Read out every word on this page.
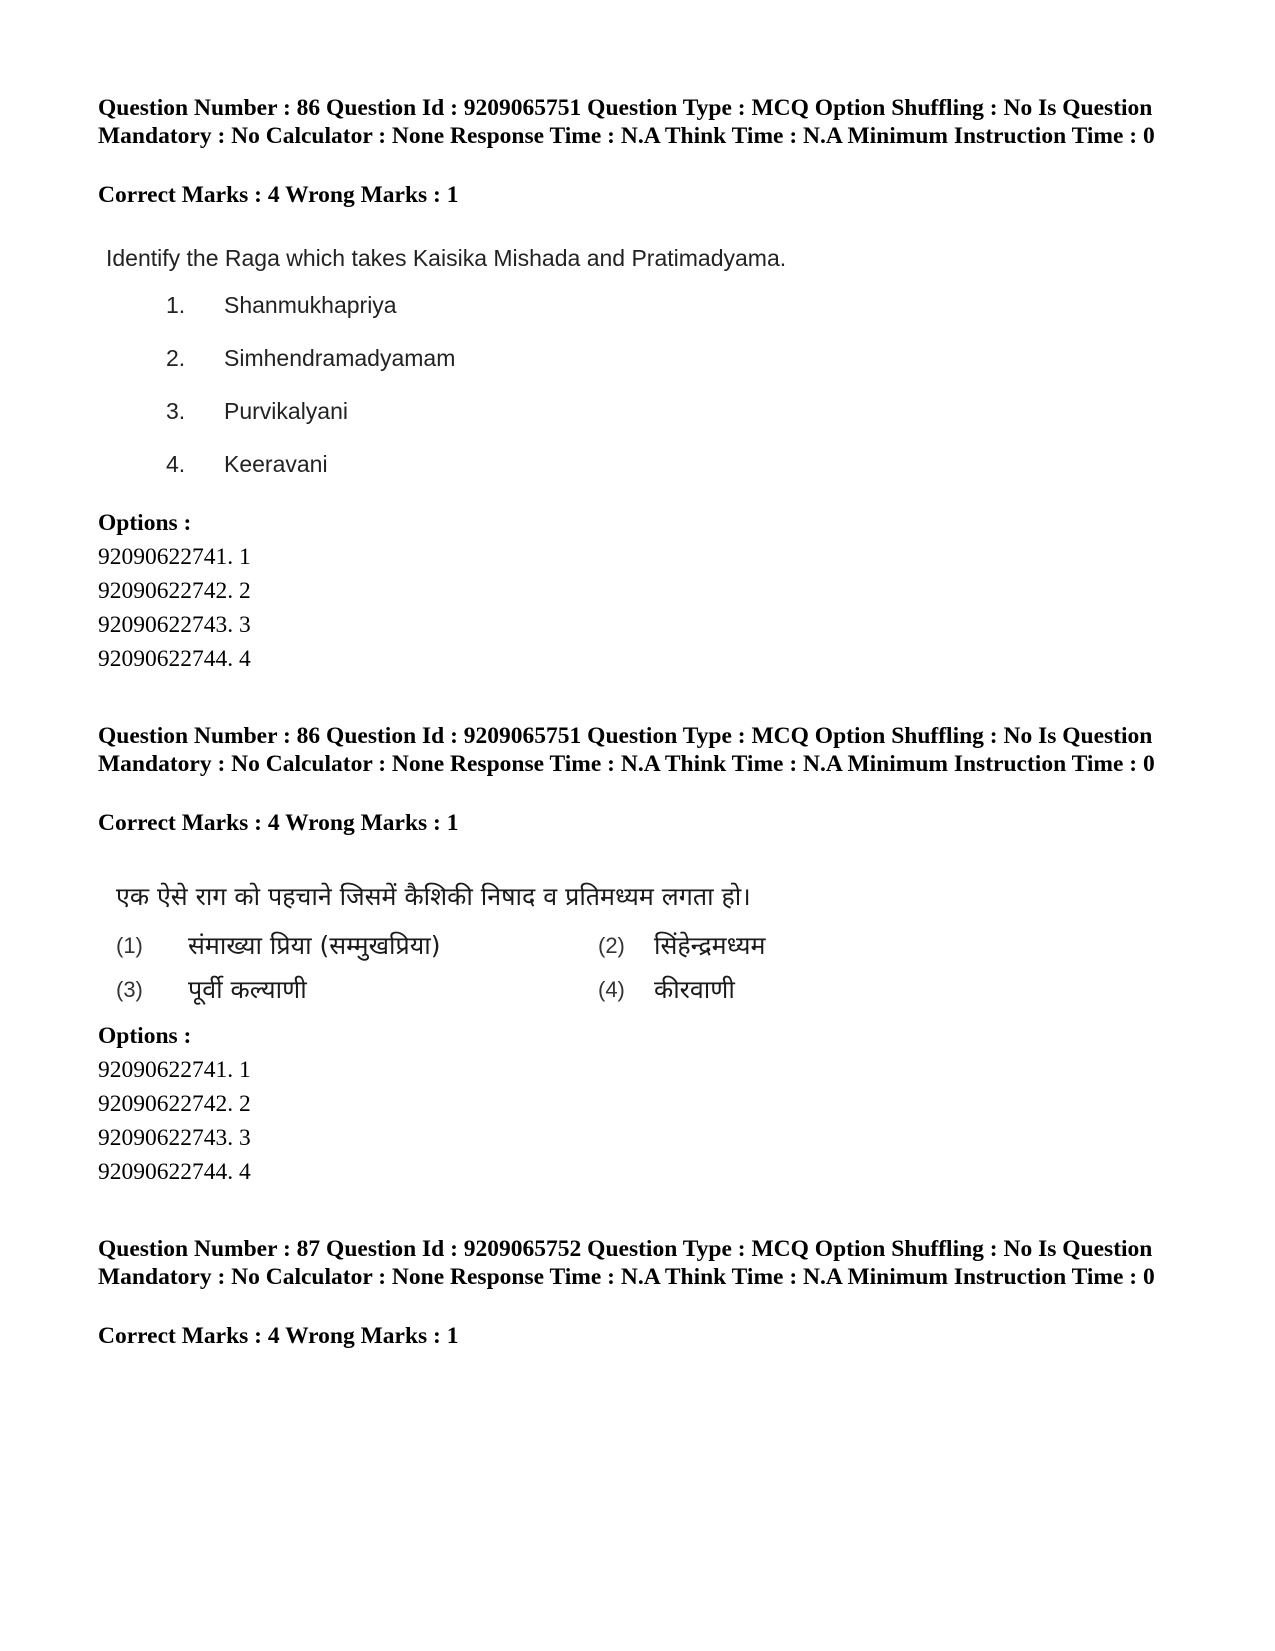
Question Number : 86 Question Id : 9209065751 Question Type : MCQ Option Shuffling : No Is Question Mandatory : No Calculator : None Response Time : N.A Think Time : N.A Minimum Instruction Time : 0

Correct Marks : 4 Wrong Marks : 1

Identify the Raga which takes Kaisika Mishada and Pratimadyama.

1. Shanmukhapriya
2. Simhendramadyamam
3. Purvikalyani
4. Keeravani
Options :
92090622741. 1
92090622742. 2
92090622743. 3
92090622744. 4

Question Number : 86 Question Id : 9209065751 Question Type : MCQ Option Shuffling : No Is Question Mandatory : No Calculator : None Response Time : N.A Think Time : N.A Minimum Instruction Time : 0

Correct Marks : 4 Wrong Marks : 1

एक ऐसे राग को पहचाने जिसमें कैशिकी निषाद व प्रतिमध्यम लगता हो।

(1) संमाख्या प्रिया (सम्मुखप्रिया)	(2) सिंहेन्द्रमध्यम
(3) पूर्वी कल्याणी	(4) कीरवाणी
Options :
92090622741. 1
92090622742. 2
92090622743. 3
92090622744. 4

Question Number : 87 Question Id : 9209065752 Question Type : MCQ Option Shuffling : No Is Question Mandatory : No Calculator : None Response Time : N.A Think Time : N.A Minimum Instruction Time : 0

Correct Marks : 4 Wrong Marks : 1
